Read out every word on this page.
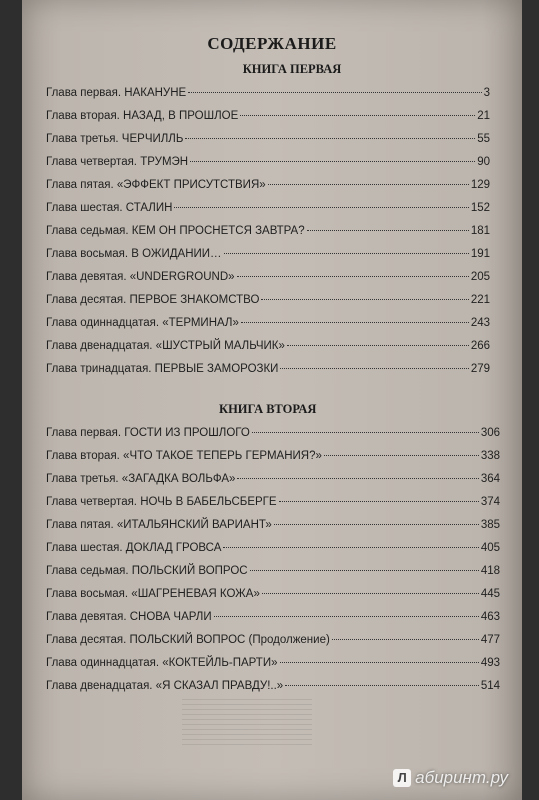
СОДЕРЖАНИЕ
КНИГА ПЕРВАЯ
Глава первая. НАКАНУНЕ	3
Глава вторая. НАЗАД, В ПРОШЛОЕ	21
Глава третья. ЧЕРЧИЛЛЬ	55
Глава четвертая. ТРУМЭН	90
Глава пятая. «ЭФФЕКТ ПРИСУТСТВИЯ»	129
Глава шестая. СТАЛИН	152
Глава седьмая. КЕМ ОН ПРОСНЕТСЯ ЗАВТРА?	181
Глава восьмая. В ОЖИДАНИИ…	191
Глава девятая. «UNDERGROUND»	205
Глава десятая. ПЕРВОЕ ЗНАКОМСТВО	221
Глава одиннадцатая. «ТЕРМИНАЛ»	243
Глава двенадцатая. «ШУСТРЫЙ МАЛЬЧИК»	266
Глава тринадцатая. ПЕРВЫЕ ЗАМОРОЗКИ	279
КНИГА ВТОРАЯ
Глава первая. ГОСТИ ИЗ ПРОШЛОГО	306
Глава вторая. «ЧТО ТАКОЕ ТЕПЕРЬ ГЕРМАНИЯ?»	338
Глава третья. «ЗАГАДКА ВОЛЬФА»	364
Глава четвертая. НОЧЬ В БАБЕЛЬСБЕРГЕ	374
Глава пятая. «ИТАЛЬЯНСКИЙ ВАРИАНТ»	385
Глава шестая. ДОКЛАД ГРОВСА	405
Глава седьмая. ПОЛЬСКИЙ ВОПРОС	418
Глава восьмая. «ШАГРЕНЕВАЯ КОЖА»	445
Глава девятая. СНОВА ЧАРЛИ	463
Глава десятая. ПОЛЬСКИЙ ВОПРОС (Продолжение)	477
Глава одиннадцатая. «КОКТЕЙЛЬ-ПАРТИ»	493
Глава двенадцатая. «Я СКАЗАЛ ПРАВДУ!..»	514
Л абиринт.ру
